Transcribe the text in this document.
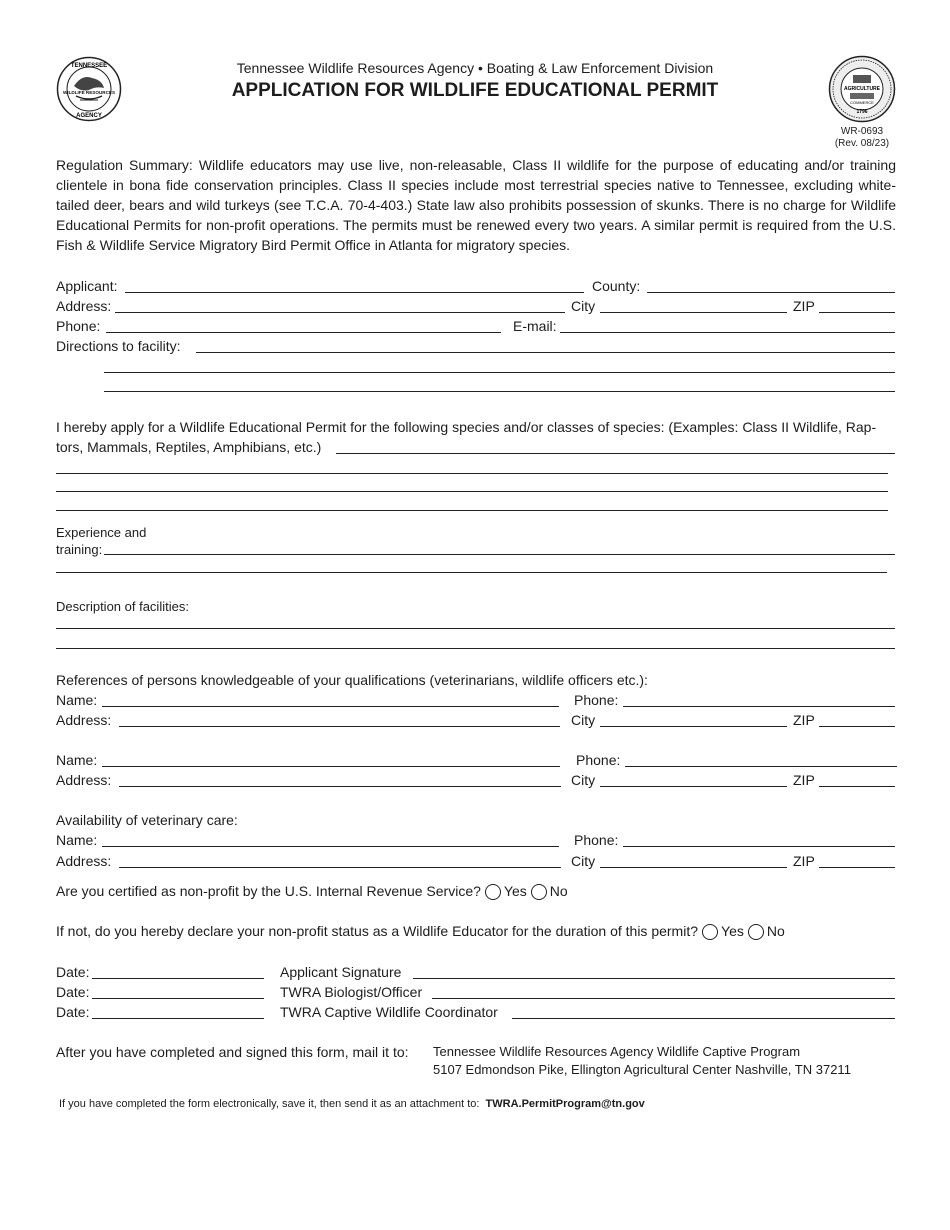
TENNESSEE
WILDLIFE RESOURCES
AGENCY
Tennessee Wildlife Resources Agency • Boating & Law Enforcement Division
APPLICATION FOR WILDLIFE EDUCATIONAL PERMIT	AGRICULTURE
COMMERCE
1796
WR-0693
(Rev. 08/23)
Regulation Summary: Wildlife educators may use live, non-releasable, Class II wildlife for the purpose of educating and/or training clientele in bona fide conservation principles. Class II species include most terrestrial species native to Tennessee, excluding white-tailed deer, bears and wild turkeys (see T.C.A. 70-4-403.) State law also prohibits possession of skunks. There is no charge for Wildlife Educational Permits for non-profit operations. The permits must be renewed every two years. A similar permit is required from the U.S. Fish & Wildlife Service Migratory Bird Permit Office in Atlanta for migratory species.
Applicant:	County:
Address:	City	ZIP
Phone:	E-mail:
Directions to facility:
I hereby apply for a Wildlife Educational Permit for the following species and/or classes of species: (Examples: Class II Wildlife, Rap-
tors, Mammals, Reptiles, Amphibians, etc.)
Experience and
training:
Description of facilities:
References of persons knowledgeable of your qualifications (veterinarians, wildlife officers etc.):
Name:	Phone:
Address:	City	ZIP
Name:	Phone:
Address:	City	ZIP
Availability of veterinary care:
Name:	Phone:
Address:	City	ZIP
Are you certified as non-profit by the U.S. Internal Revenue Service? Yes No
If not, do you hereby declare your non-profit status as a Wildlife Educator for the duration of this permit? Yes No
Date:	Applicant Signature
Date:	TWRA Biologist/Officer
Date:	TWRA Captive Wildlife Coordinator
After you have completed and signed this form, mail it to: Tennessee Wildlife Resources Agency Wildlife Captive Program
5107 Edmondson Pike, Ellington Agricultural Center Nashville, TN 37211
If you have completed the form electronically, save it, then send it as an attachment to: TWRA.PermitProgram@tn.gov
